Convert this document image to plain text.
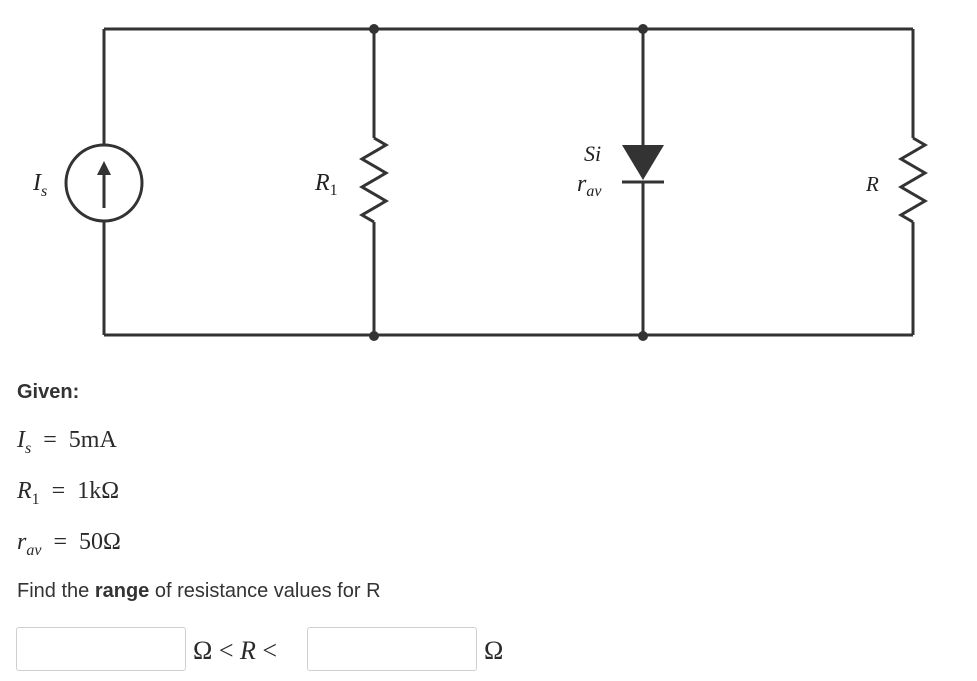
$I_s$	$R_1$
Si
$r_{av}$	R
Given:
$I_s = 5mA$
$R_1 = 1k\Omega$
$r_{av} = 50\Omega$
Find the range of resistance values for R
Ω < R <	Ω
